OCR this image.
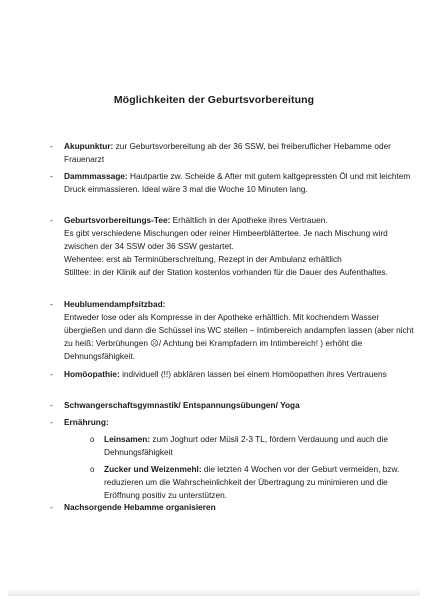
Möglichkeiten der Geburtsvorbereitung
- Akupunktur: zur Geburtsvorbereitung ab der 36 SSW, bei freiberuflicher Hebamme oder Frauenarzt
- Dammmassage: Hautpartie zw. Scheide & After mit gutem kaltgepressten Öl und mit leichtem Druck einmassieren. Ideal wäre 3 mal die Woche 10 Minuten lang.
- Geburtsvorbereitungs-Tee: Erhältlich in der Apotheke ihres Vertrauen.
Es gibt verschiedene Mischungen oder reiner Himbeerblättertee. Je nach Mischung wird zwischen der 34 SSW oder 36 SSW gestartet.
Wehentee: erst ab Terminüberschreitung, Rezept in der Ambulanz erhältlich
Stilltee: in der Klinik auf der Station kostenlos vorhanden für die Dauer des Aufenthaltes.
- Heublumendampfsitzbad:
Entweder lose oder als Kompresse in der Apotheke erhältlich. Mit kochendem Wasser übergießen und dann die Schüssel ins WC stellen – Intimbereich andampfen lassen (aber nicht zu heiß: Verbrühungen ☹/ Achtung bei Krampfadern im Intimbereich! ) erhöht die Dehnungsfähigkeit.
- Homöopathie: individuell (!!) abklären lassen bei einem Homöopathen ihres Vertrauens
- Schwangerschaftsgymnastik/ Entspannungsübungen/ Yoga
- Ernährung:
o Leinsamen: zum Joghurt oder Müsli 2-3 TL, fördern Verdauung und auch die Dehnungsfähigkeit
o Zucker und Weizenmehl: die letzten 4 Wochen vor der Geburt vermeiden, bzw. reduzieren um die Wahrscheinlichkeit der Übertragung zu minimieren und die Eröffnung positiv zu unterstützen.
- Nachsorgende Hebamme organisieren
